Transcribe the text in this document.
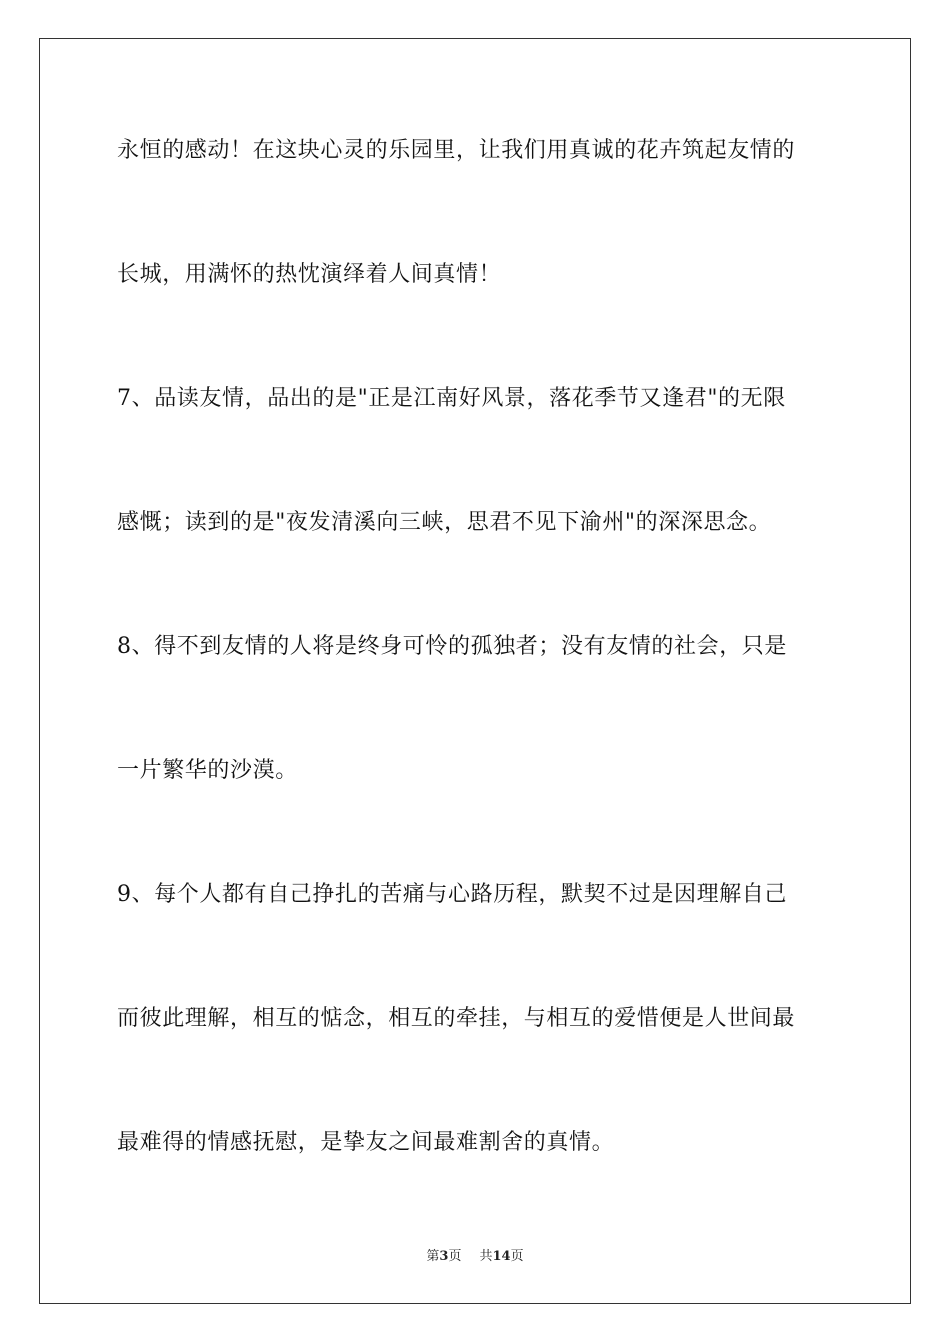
永恒的感动！在这块心灵的乐园里，让我们用真诚的花卉筑起友情的
长城，用满怀的热忱演绎着人间真情！
7、品读友情，品出的是"正是江南好风景，落花季节又逢君"的无限
感慨；读到的是"夜发清溪向三峡，思君不见下渝州"的深深思念。
8、得不到友情的人将是终身可怜的孤独者；没有友情的社会，只是
一片繁华的沙漠。
9、每个人都有自己挣扎的苦痛与心路历程，默契不过是因理解自己
而彼此理解，相互的惦念，相互的牵挂，与相互的爱惜便是人世间最
最难得的情感抚慰，是挚友之间最难割舍的真情。
第3页 共14页
